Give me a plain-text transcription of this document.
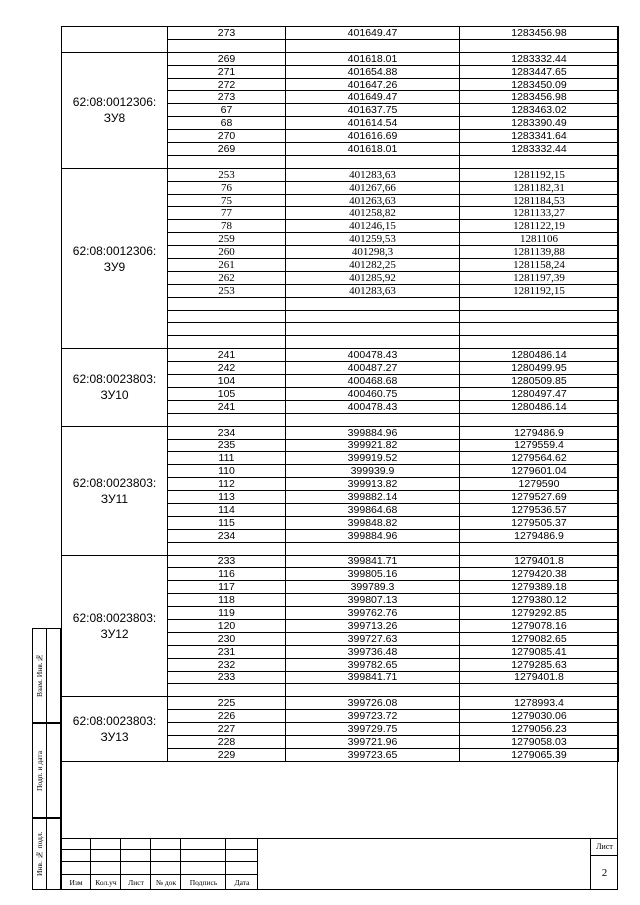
	273	401649.47	1283456.98

62:08:0012306:
ЗУ8	269	401618.01	1283332.44
	271	401654.88	1283447.65
	272	401647.26	1283450.09
	273	401649.47	1283456.98
	67	401637.75	1283463.02
	68	401614.54	1283390.49
	270	401616.69	1283341.64
	269	401618.01	1283332.44

62:08:0012306:
ЗУ9	253	401283,63	1281192,15
	76	401267,66	1281182,31
	75	401263,63	1281184,53
	77	401258,82	1281133,27
	78	401246,15	1281122,19
	259	401259,53	1281106
	260	401298,3	1281139,88
	261	401282,25	1281158,24
	262	401285,92	1281197,39
	253	401283,63	1281192,15

62:08:0023803:
ЗУ10	241	400478.43	1280486.14
	242	400487.27	1280499.95
	104	400468.68	1280509.85
	105	400460.75	1280497.47
	241	400478.43	1280486.14

62:08:0023803:
ЗУ11	234	399884.96	1279486.9
	235	399921.82	1279559.4
	111	399919.52	1279564.62
	110	399939.9	1279601.04
	112	399913.82	1279590
	113	399882.14	1279527.69
	114	399864.68	1279536.57
	115	399848.82	1279505.37
	234	399884.96	1279486.9

62:08:0023803:
ЗУ12	233	399841.71	1279401.8
	116	399805.16	1279420.38
	117	399789.3	1279389.18
	118	399807.13	1279380.12
	119	399762.76	1279292.85
	120	399713.26	1279078.16
	230	399727.63	1279082.65
	231	399736.48	1279085.41
	232	399782.65	1279285.63
	233	399841.71	1279401.8

62:08:0023803:
ЗУ13	225	399726.08	1278993.4
	226	399723.72	1279030.06
	227	399729.75	1279056.23
	228	399721.96	1279058.03
	229	399723.65	1279065.39
Взам. Инв.№
Подп. и дата
Инв. № подл.
Изм	Кол.уч	Лист	№ док	Подпись	Дата
Лист
2
